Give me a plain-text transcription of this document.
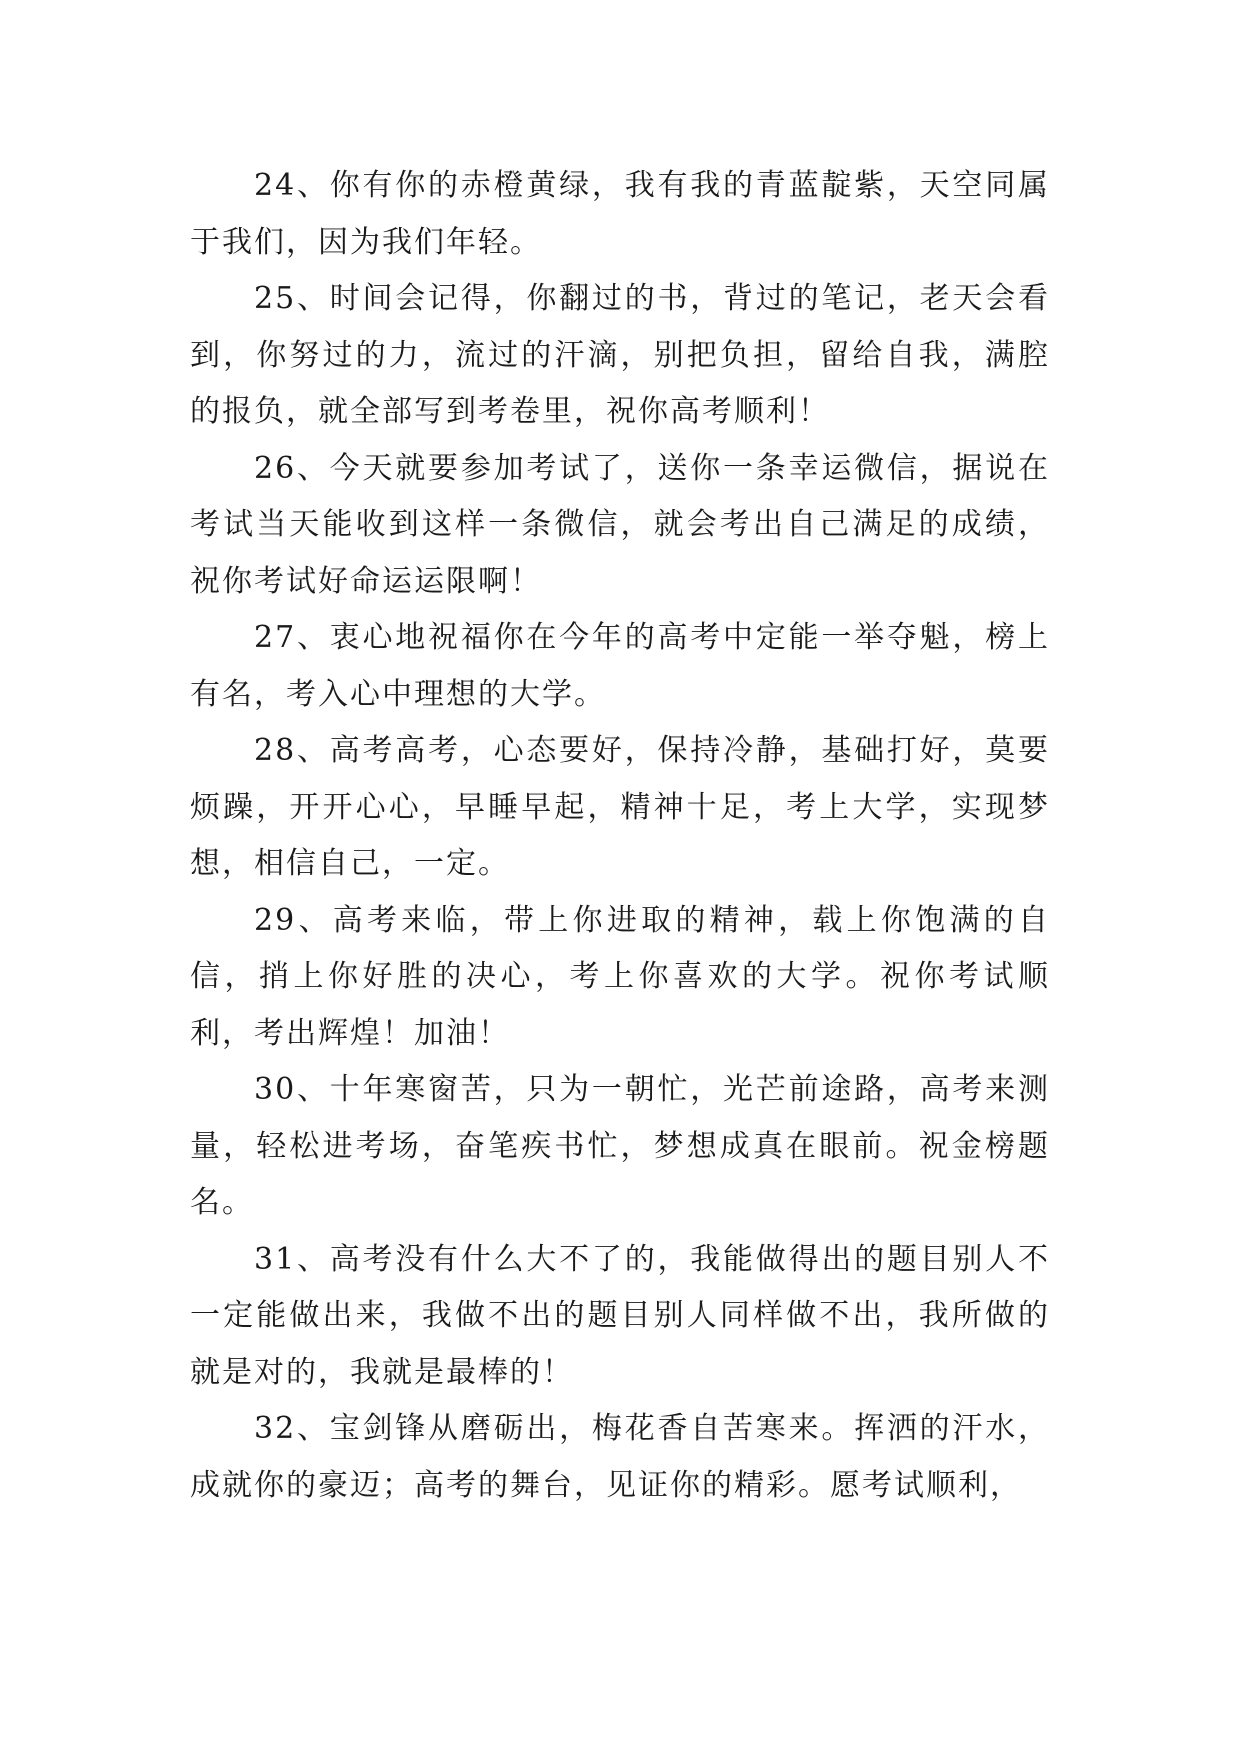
24、你有你的赤橙黄绿，我有我的青蓝靛紫，天空同属于我们，因为我们年轻。

25、时间会记得，你翻过的书，背过的笔记，老天会看到，你努过的力，流过的汗滴，别把负担，留给自我，满腔的报负，就全部写到考卷里，祝你高考顺利！

26、今天就要参加考试了，送你一条幸运微信，据说在考试当天能收到这样一条微信，就会考出自己满足的成绩，祝你考试好命运运限啊！

27、衷心地祝福你在今年的高考中定能一举夺魁，榜上有名，考入心中理想的大学。

28、高考高考，心态要好，保持冷静，基础打好，莫要烦躁，开开心心，早睡早起，精神十足，考上大学，实现梦想，相信自己，一定。

29、高考来临，带上你进取的精神，载上你饱满的自信，捎上你好胜的决心，考上你喜欢的大学。祝你考试顺利，考出辉煌！加油！

30、十年寒窗苦，只为一朝忙，光芒前途路，高考来测量，轻松进考场，奋笔疾书忙，梦想成真在眼前。祝金榜题名。

31、高考没有什么大不了的，我能做得出的题目别人不一定能做出来，我做不出的题目别人同样做不出，我所做的就是对的，我就是最棒的！

32、宝剑锋从磨砺出，梅花香自苦寒来。挥洒的汗水，成就你的豪迈；高考的舞台，见证你的精彩。愿考试顺利，
